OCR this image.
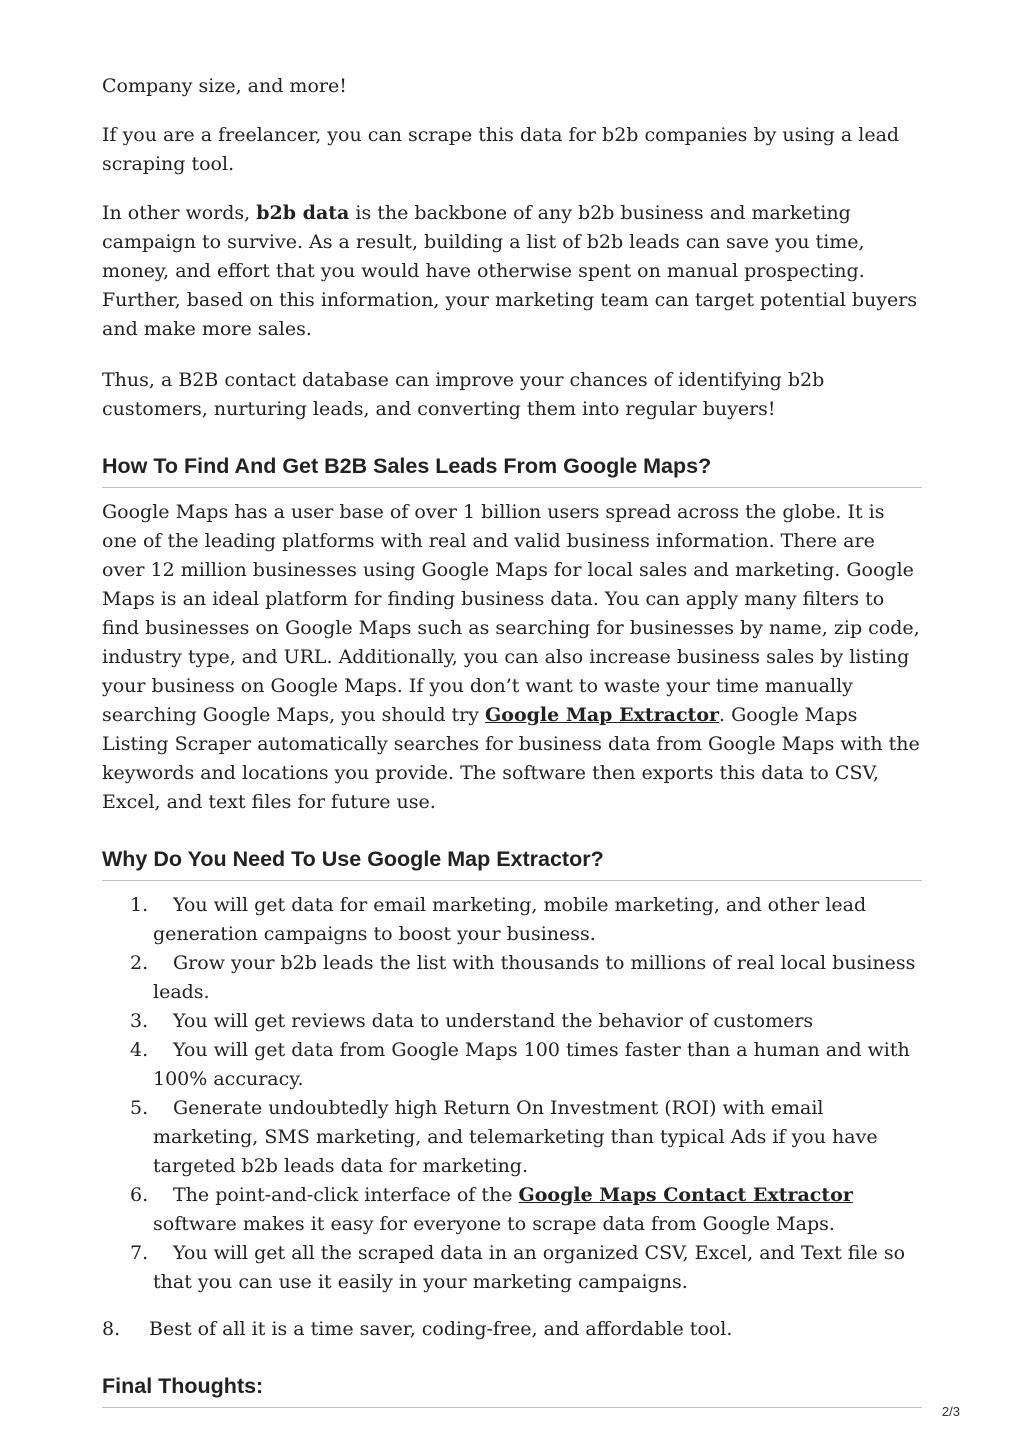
Company size, and more!

If you are a freelancer, you can scrape this data for b2b companies by using a lead scraping tool.

In other words, b2b data is the backbone of any b2b business and marketing campaign to survive. As a result, building a list of b2b leads can save you time, money, and effort that you would have otherwise spent on manual prospecting. Further, based on this information, your marketing team can target potential buyers and make more sales.

Thus, a B2B contact database can improve your chances of identifying b2b customers, nurturing leads, and converting them into regular buyers!

How To Find And Get B2B Sales Leads From Google Maps?

Google Maps has a user base of over 1 billion users spread across the globe. It is one of the leading platforms with real and valid business information. There are over 12 million businesses using Google Maps for local sales and marketing. Google Maps is an ideal platform for finding business data. You can apply many filters to find businesses on Google Maps such as searching for businesses by name, zip code, industry type, and URL. Additionally, you can also increase business sales by listing your business on Google Maps. If you don’t want to waste your time manually searching Google Maps, you should try Google Map Extractor. Google Maps Listing Scraper automatically searches for business data from Google Maps with the keywords and locations you provide. The software then exports this data to CSV, Excel, and text files for future use.

Why Do You Need To Use Google Map Extractor?
1. You will get data for email marketing, mobile marketing, and other lead generation campaigns to boost your business.
2. Grow your b2b leads the list with thousands to millions of real local business leads.
3. You will get reviews data to understand the behavior of customers
4. You will get data from Google Maps 100 times faster than a human and with 100% accuracy.
5. Generate undoubtedly high Return On Investment (ROI) with email marketing, SMS marketing, and telemarketing than typical Ads if you have targeted b2b leads data for marketing.
6. The point-and-click interface of the Google Maps Contact Extractor software makes it easy for everyone to scrape data from Google Maps.
7. You will get all the scraped data in an organized CSV, Excel, and Text file so that you can use it easily in your marketing campaigns.
8. Best of all it is a time saver, coding-free, and affordable tool.
Final Thoughts:
2/3
